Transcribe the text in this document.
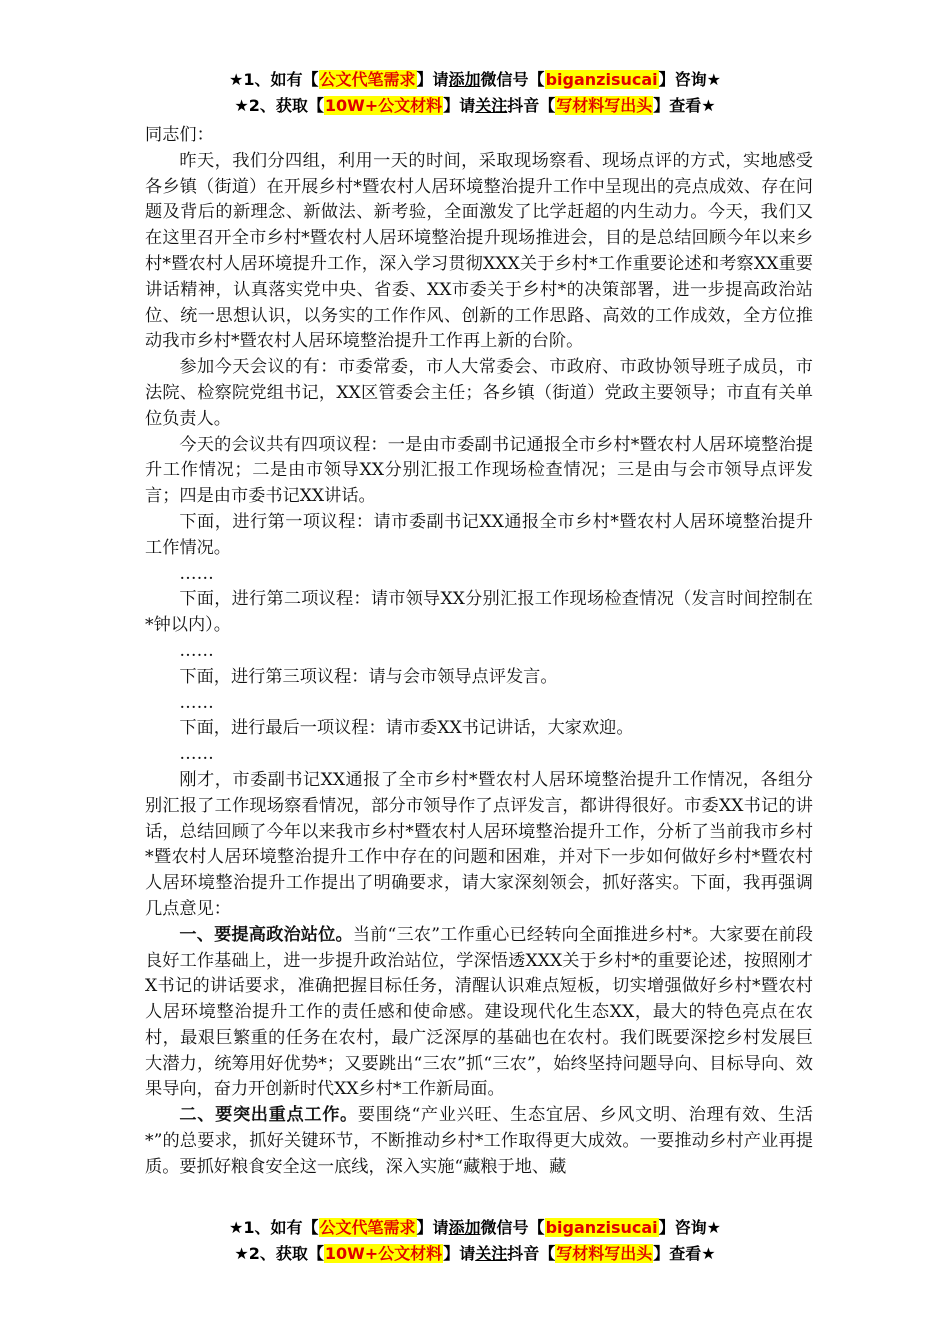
★1、如有【公文代笔需求】请添加微信号【biganzisucai】咨询★
★2、获取【10W+公文材料】请关注抖音【写材料写出头】查看★

同志们：

昨天，我们分四组，利用一天的时间，采取现场察看、现场点评的方式，实地感受各乡镇（街道）在开展乡村*暨农村人居环境整治提升工作中呈现出的亮点成效、存在问题及背后的新理念、新做法、新考验，全面激发了比学赶超的内生动力。今天，我们又在这里召开全市乡村*暨农村人居环境整治提升现场推进会，目的是总结回顾今年以来乡村*暨农村人居环境提升工作，深入学习贯彻XXX关于乡村*工作重要论述和考察XX重要讲话精神，认真落实党中央、省委、XX市委关于乡村*的决策部署，进一步提高政治站位、统一思想认识，以务实的工作作风、创新的工作思路、高效的工作成效，全方位推动我市乡村*暨农村人居环境整治提升工作再上新的台阶。

参加今天会议的有：市委常委，市人大常委会、市政府、市政协领导班子成员，市法院、检察院党组书记，XX区管委会主任；各乡镇（街道）党政主要领导；市直有关单位负责人。

今天的会议共有四项议程：一是由市委副书记通报全市乡村*暨农村人居环境整治提升工作情况；二是由市领导XX分别汇报工作现场检查情况；三是由与会市领导点评发言；四是由市委书记XX讲话。

下面，进行第一项议程：请市委副书记XX通报全市乡村*暨农村人居环境整治提升工作情况。

……

下面，进行第二项议程：请市领导XX分别汇报工作现场检查情况（发言时间控制在*钟以内）。

……

下面，进行第三项议程：请与会市领导点评发言。

……

下面，进行最后一项议程：请市委XX书记讲话，大家欢迎。

……

刚才，市委副书记XX通报了全市乡村*暨农村人居环境整治提升工作情况，各组分别汇报了工作现场察看情况，部分市领导作了点评发言，都讲得很好。市委XX书记的讲话，总结回顾了今年以来我市乡村*暨农村人居环境整治提升工作，分析了当前我市乡村*暨农村人居环境整治提升工作中存在的问题和困难，并对下一步如何做好乡村*暨农村人居环境整治提升工作提出了明确要求，请大家深刻领会，抓好落实。下面，我再强调几点意见：

一、要提高政治站位。当前“三农”工作重心已经转向全面推进乡村*。大家要在前段良好工作基础上，进一步提升政治站位，学深悟透XXX关于乡村*的重要论述，按照刚才X书记的讲话要求，准确把握目标任务，清醒认识难点短板，切实增强做好乡村*暨农村人居环境整治提升工作的责任感和使命感。建设现代化生态XX，最大的特色亮点在农村，最艰巨繁重的任务在农村，最广泛深厚的基础也在农村。我们既要深挖乡村发展巨大潜力，统筹用好优势*；又要跳出“三农”抓“三农”，始终坚持问题导向、目标导向、效果导向，奋力开创新时代XX乡村*工作新局面。

二、要突出重点工作。要围绕“产业兴旺、生态宜居、乡风文明、治理有效、生活*”的总要求，抓好关键环节，不断推动乡村*工作取得更大成效。一要推动乡村产业再提质。要抓好粮食安全这一底线，深入实施“藏粮于地、藏

★1、如有【公文代笔需求】请添加微信号【biganzisucai】咨询★
★2、获取【10W+公文材料】请关注抖音【写材料写出头】查看★
